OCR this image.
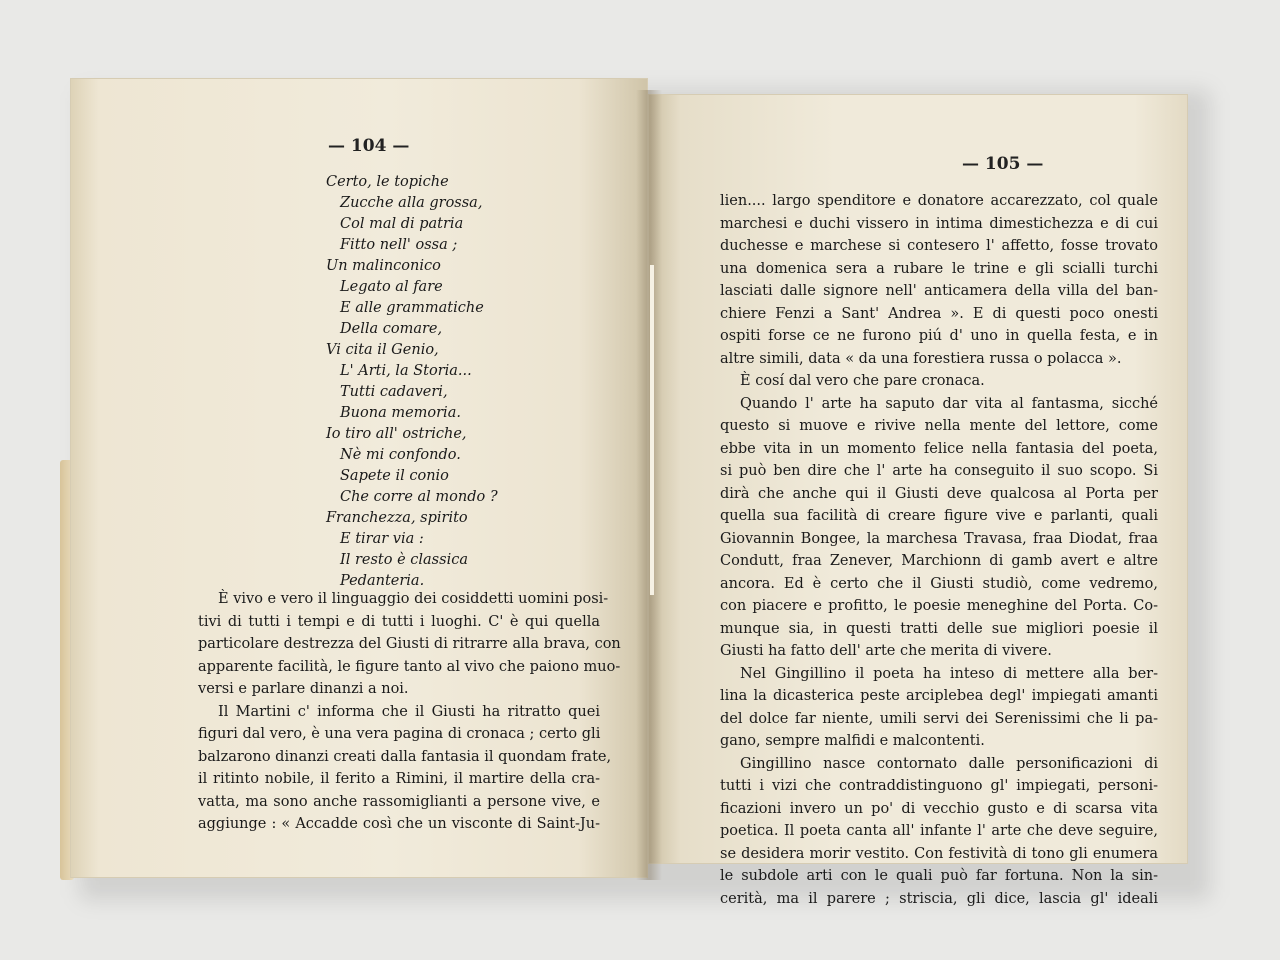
— 104 —
Certo, le topiche
Zucche alla grossa,
Col mal di patria
Fitto nell' ossa ;
Un malinconico
Legato al fare
E alle grammatiche
Della comare,
Vi cita il Genio,
L' Arti, la Storia...
Tutti cadaveri,
Buona memoria.
Io tiro all' ostriche,
Nè mi confondo.
Sapete il conio
Che corre al mondo ?
Franchezza, spirito
E tirar via :
Il resto è classica
Pedanteria.
È vivo e vero il linguaggio dei cosiddetti uomini posi-
tivi di tutti i tempi e di tutti i luoghi. C' è qui quella
particolare destrezza del Giusti di ritrarre alla brava, con
apparente facilità, le figure tanto al vivo che paiono muo-
versi e parlare dinanzi a noi.
Il Martini c' informa che il Giusti ha ritratto quei
figuri dal vero, è una vera pagina di cronaca ; certo gli
balzarono dinanzi creati dalla fantasia il quondam frate,
il ritinto nobile, il ferito a Rimini, il martire della cra-
vatta, ma sono anche rassomiglianti a persone vive, e
aggiunge : « Accadde così che un visconte di Saint-Ju-
— 105 —
lien.... largo spenditore e donatore accarezzato, col quale
marchesi e duchi vissero in intima dimestichezza e di cui
duchesse e marchese si contesero l' affetto, fosse trovato
una domenica sera a rubare le trine e gli scialli turchi
lasciati dalle signore nell' anticamera della villa del ban-
chiere Fenzi a Sant' Andrea ». E di questi poco onesti
ospiti forse ce ne furono piú d' uno in quella festa, e in
altre simili, data « da una forestiera russa o polacca ».
È cosí dal vero che pare cronaca.
Quando l' arte ha saputo dar vita al fantasma, sicché
questo si muove e rivive nella mente del lettore, come
ebbe vita in un momento felice nella fantasia del poeta,
si può ben dire che l' arte ha conseguito il suo scopo. Si
dirà che anche qui il Giusti deve qualcosa al Porta per
quella sua facilità di creare figure vive e parlanti, quali
Giovannin Bongee, la marchesa Travasa, fraa Diodat, fraa
Condutt, fraa Zenever, Marchionn di gamb avert e altre
ancora. Ed è certo che il Giusti studiò, come vedremo,
con piacere e profitto, le poesie meneghine del Porta. Co-
munque sia, in questi tratti delle sue migliori poesie il
Giusti ha fatto dell' arte che merita di vivere.
Nel Gingillino il poeta ha inteso di mettere alla ber-
lina la dicasterica peste arciplebea degl' impiegati amanti
del dolce far niente, umili servi dei Serenissimi che li pa-
gano, sempre malfidi e malcontenti.
Gingillino nasce contornato dalle personificazioni di
tutti i vizi che contraddistinguono gl' impiegati, personi-
ficazioni invero un po' di vecchio gusto e di scarsa vita
poetica. Il poeta canta all' infante l' arte che deve seguire,
se desidera morir vestito. Con festività di tono gli enumera
le subdole arti con le quali può far fortuna. Non la sin-
cerità, ma il parere ; striscia, gli dice, lascia gl' ideali
